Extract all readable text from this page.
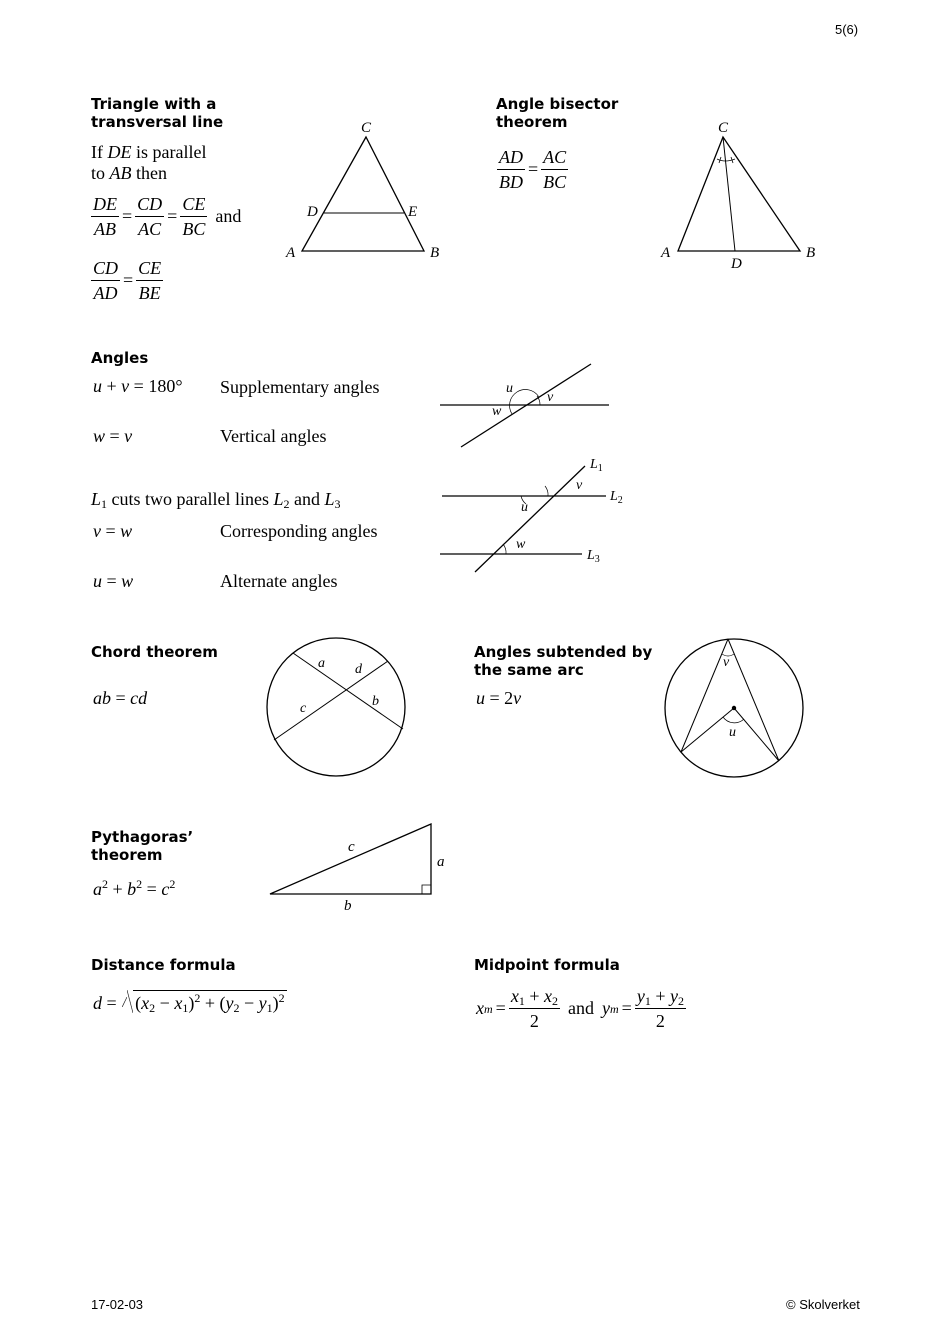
5(6)
17-02-03	© Skolverket
Triangle with a
transversal line
If DE is parallel
to AB then
$\frac{DE}{AB} = \frac{CD}{AC} = \frac{CE}{BC}$ and
$\frac{CD}{AD} = \frac{CE}{BE}$
C
D	E
A	B
Angle bisector
theorem
$\frac{AD}{BD} = \frac{AC}{BC}$
C
A
D
B
Angles
u + v = 180° Supplementary angles
w = v	Vertical angles
$L_1$ cuts two parallel lines $L_2$ and $L_3$
v = w	Corresponding angles
u = w	Alternate angles
u
v
w
$L_1$
$L_2$
$L_3$
v
u
w
Chord theorem
ab = cd
a d
c	b
Angles subtended by
the same arc
u = 2v
v
u
Pythagoras’
theorem
$a^2 + b^2 = c^2$
c
a
b
Distance formula
$d = (x_2 - x_1)^2 + (y_2 - y_1)^2$
Midpoint formula
x $m = \frac{x_1 + x_2}{2}$ and y $m = \frac{y_1 + y_2}{2}$
